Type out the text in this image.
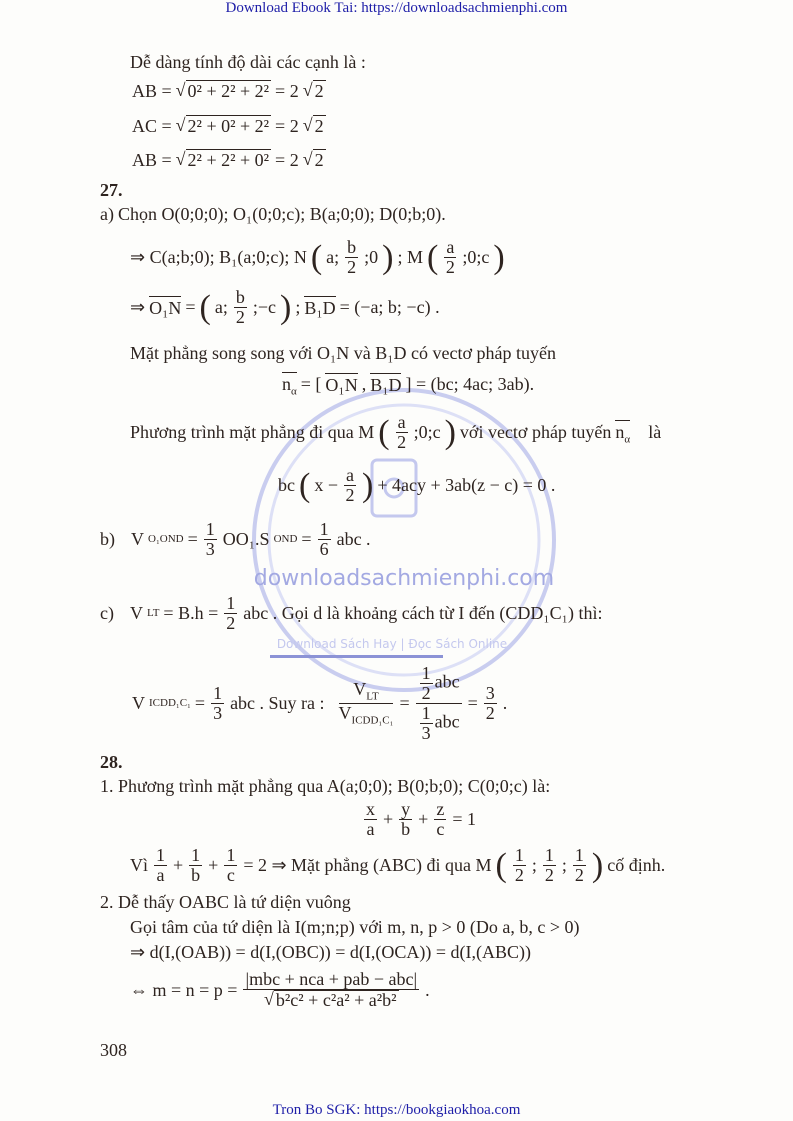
downloadsachmienphi.com
Download Sách Hay | Đọc Sách Online
Download Ebook Tai: https://downloadsachmienphi.com
Dễ dàng tính độ dài các cạnh là :
AB = √ 0² + 2² + 2² = 2 √ 2
AC = √ 2² + 0² + 2² = 2 √ 2
AB = √ 2² + 2² + 0² = 2 √ 2
27.
a) Chọn O(0;0;0); O₁(0;0;c); B(a;0;0); D(0;b;0).
⇒ C(a;b;0); B₁(a;0;c); N ( a; $\frac{b}{2}$ ;0 ) ; M ( $\frac{a}{2}$ ;0;c )
⇒ O₁N = ( a; $\frac{b}{2}$ ;−c ) ; B₁D = (−a; b; −c) .
Mặt phẳng song song với O₁N và B₁D có vectơ pháp tuyến
$n_\alpha$ = [ O₁N , B₁D ] = (bc; 4ac; 3ab).
Phương trình mặt phẳng đi qua M ( $\frac{a}{2}$ ;0;c ) với vectơ pháp tuyến $n_\alpha$ là
bc ( $x - \frac{a}{2}$ ) + 4acy + 3ab(z − c) = 0 .
b) V $O_1OND = \frac{1}{3} OO_1.S$ OND = $\frac{1}{6}$ abc .
c) V LT = $B.h = \frac{1}{2}$ abc . Gọi d là khoảng cách từ I đến (CDD₁C₁) thì:
V ICDD₁C₁ = $\frac{1}{3}$ abc . Suy ra : $\frac{V_{LT}}{V_{ICDD_1C_1}} = \frac{\frac{1}{2} abc}{\frac{1}{3} abc} = \frac{3}{2}$ .
28.
1. Phương trình mặt phẳng qua A(a;0;0); B(0;b;0); C(0;0;c) là:
$\frac{x}{a} + \frac{y}{b} + \frac{z}{c} = 1$
Vì $\frac{1}{a} + \frac{1}{b} + \frac{1}{c} = 2$ ⇒ Mặt phẳng (ABC) đi qua M ( $\frac{1}{2}$ ; $\frac{1}{2}$ ; $\frac{1}{2}$ ) cố định.
2. Dễ thấy OABC là tứ diện vuông
Gọi tâm của tứ diện là I(m;n;p) với m, n, p > 0 (Do a, b, c > 0)
⇒ d(I,(OAB)) = d(I,(OBC)) = d(I,(OCA)) = d(I,(ABC))
⇔ $m = n = p = \frac{\text{|mbc + nca + pab − abc|}}{\text{√ b²c² + c²a² + a²b²}}$ .
308
Tron Bo SGK: https://bookgiaokhoa.com
